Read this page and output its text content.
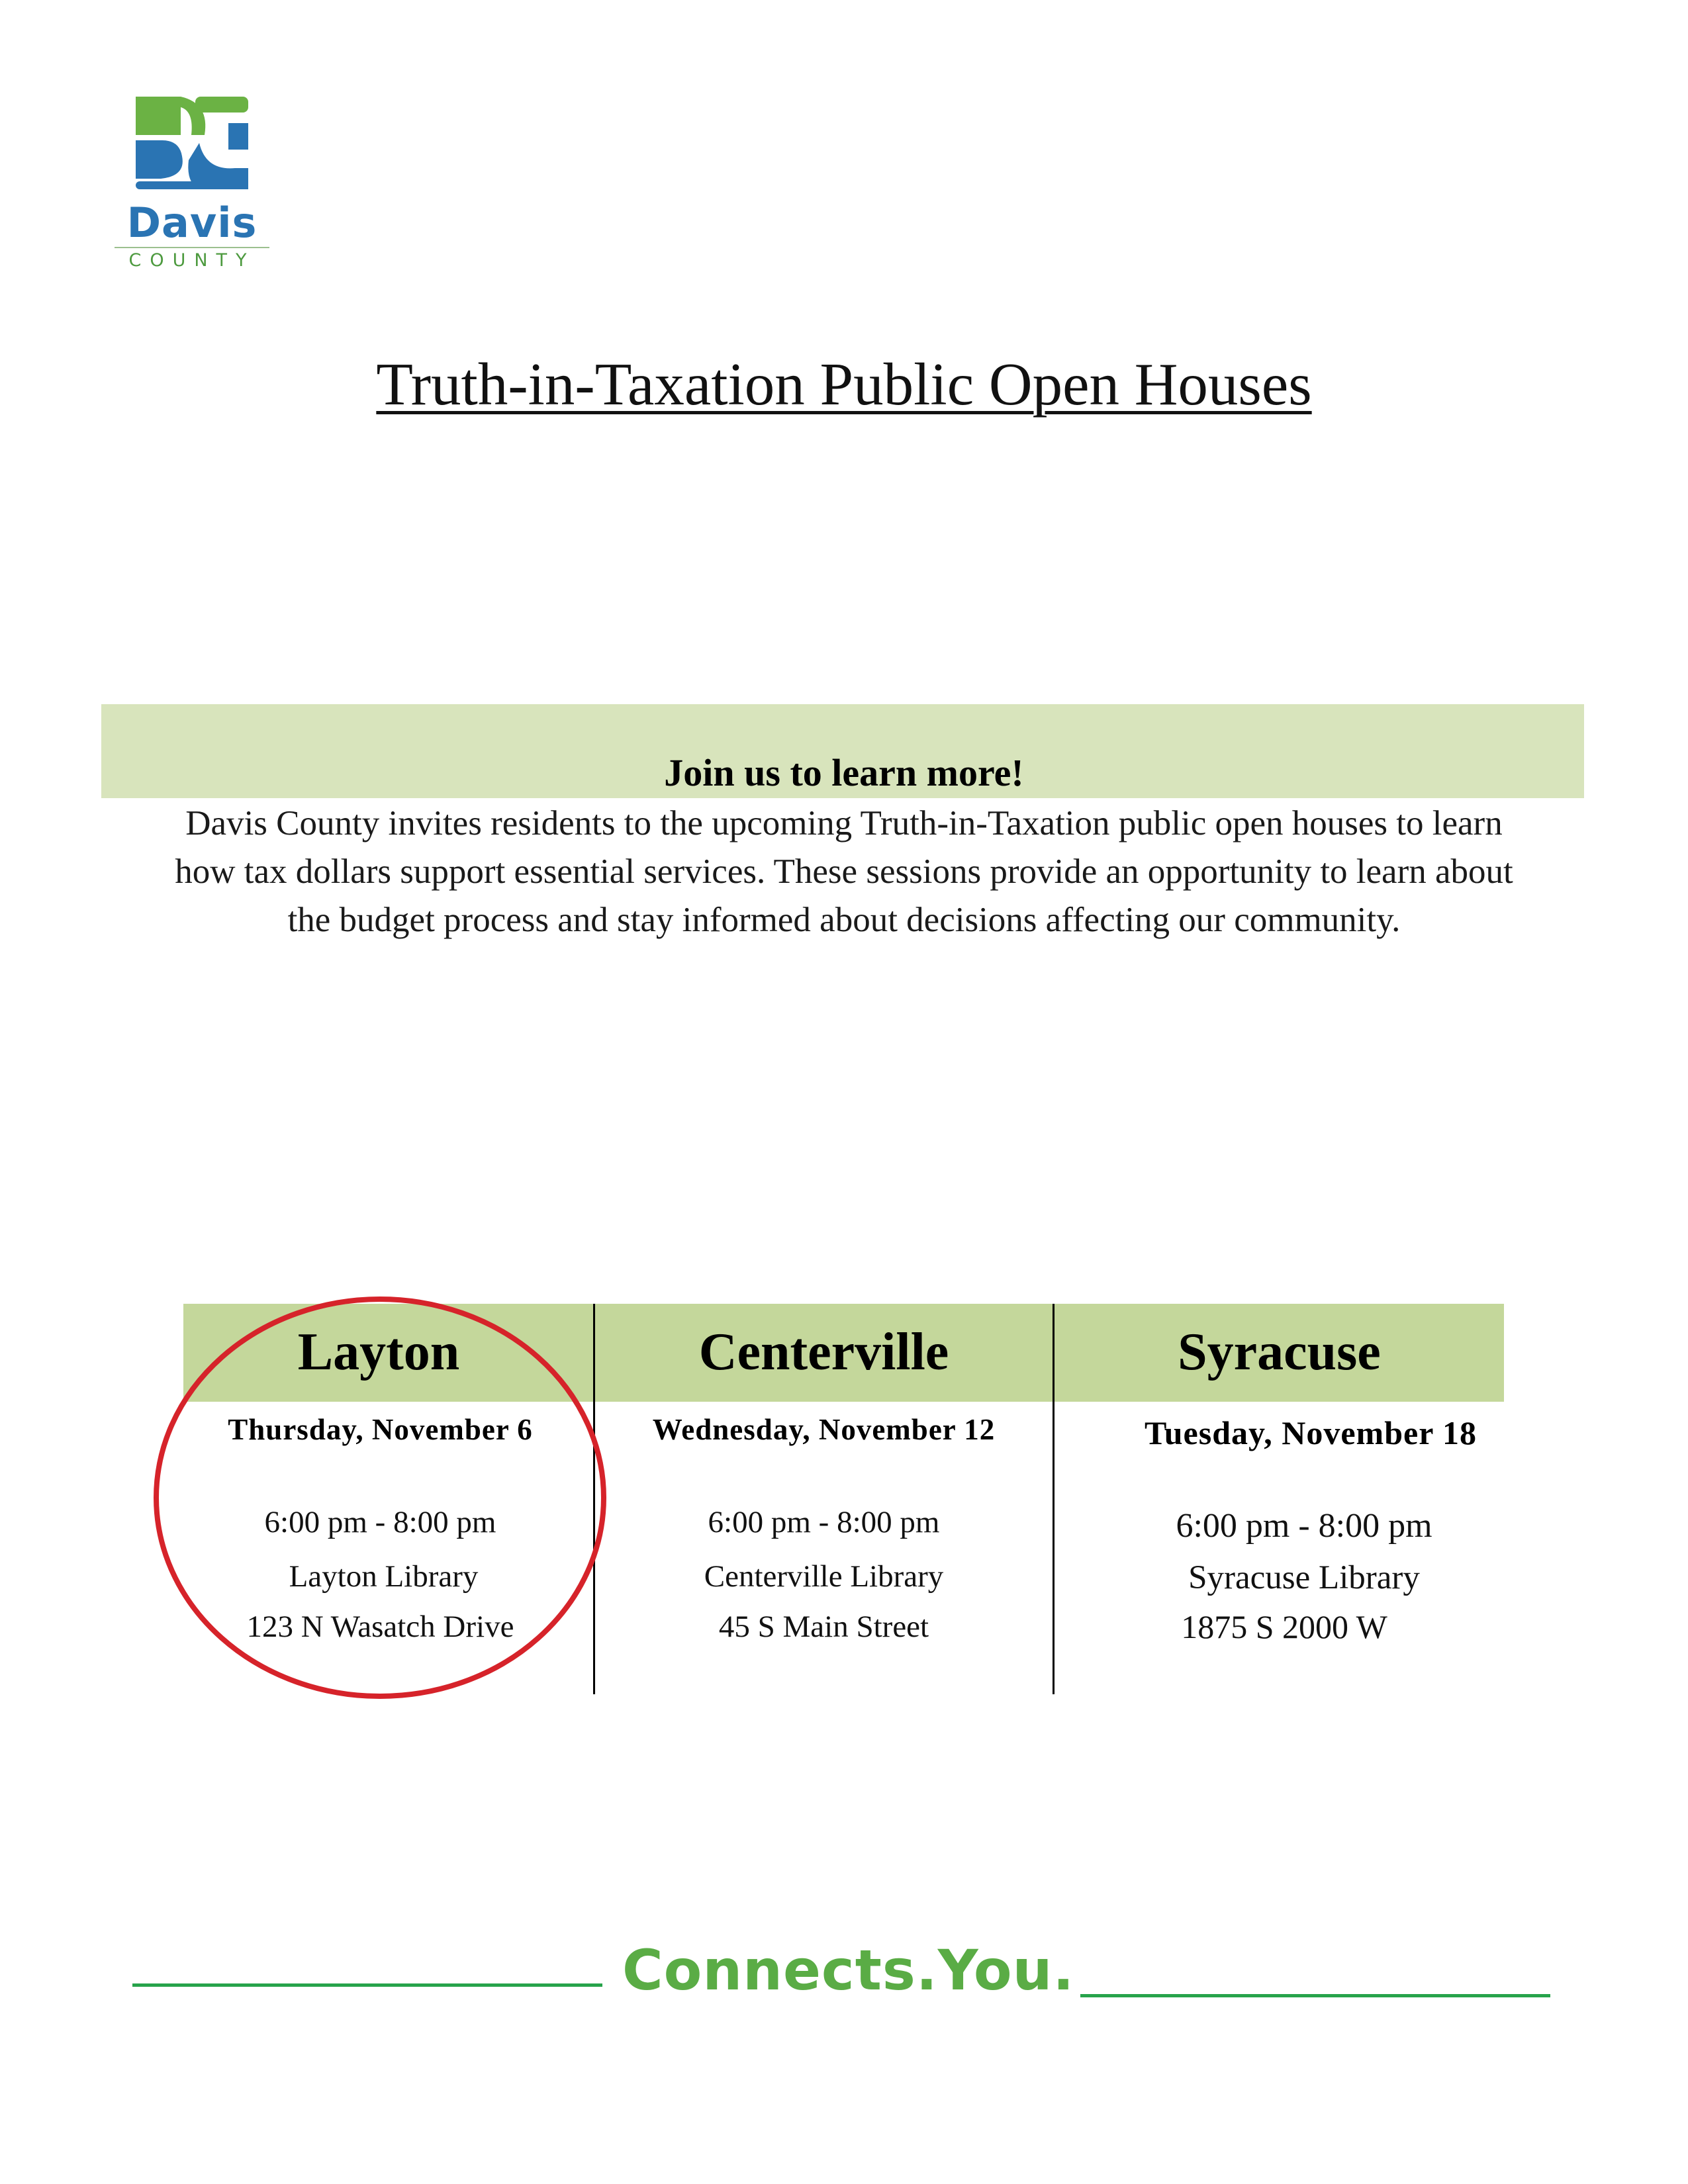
Davis
COUNTY
Truth-in-Taxation Public Open Houses
Join us to learn more!
Davis County invites residents to the upcoming Truth-in-Taxation public open houses to learn how tax dollars support essential services. These sessions provide an opportunity to learn about the budget process and stay informed about decisions affecting our community.
Layton
Thursday, November 6
6:00 pm - 8:00 pm
Layton Library
123 N Wasatch Drive
Centerville
Wednesday, November 12
6:00 pm - 8:00 pm
Centerville Library
45 S Main Street
Syracuse
Tuesday, November 18
6:00 pm - 8:00 pm
Syracuse Library
1875 S 2000 W
Connects.You.
